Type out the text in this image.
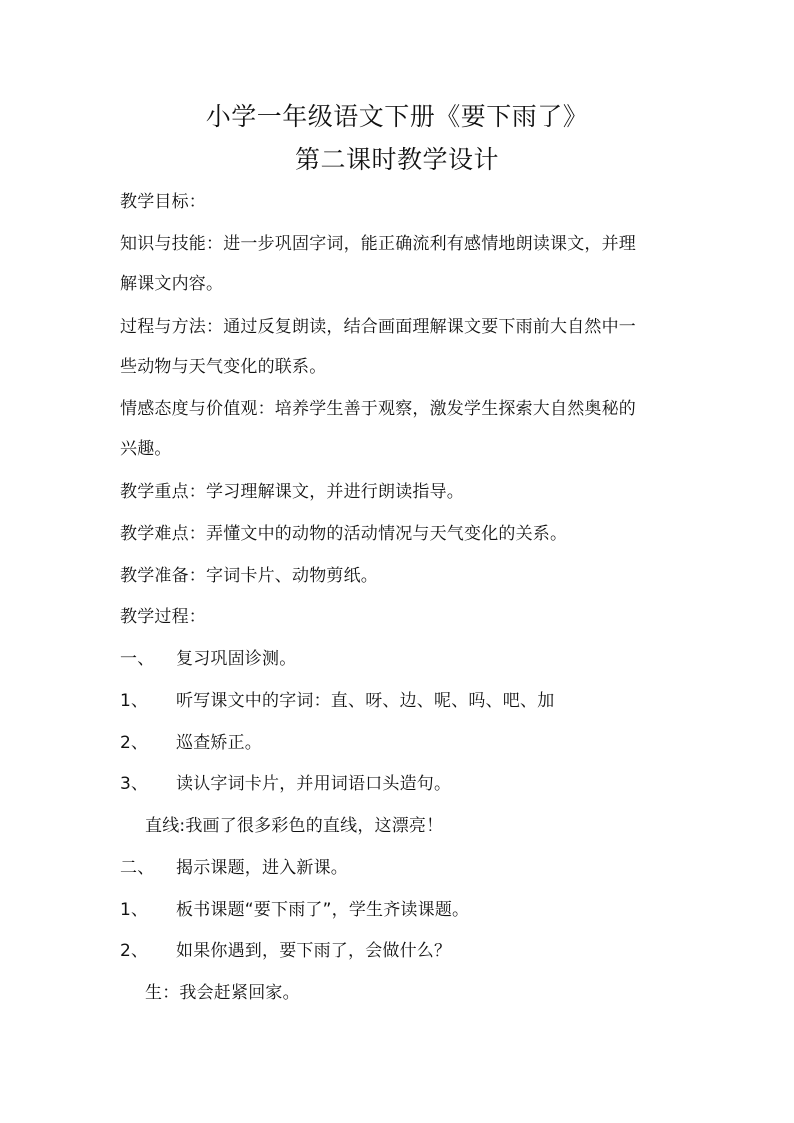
小学一年级语文下册《要下雨了》
第二课时教学设计
教学目标：
知识与技能：进一步巩固字词，能正确流利有感情地朗读课文，并理
解课文内容。
过程与方法：通过反复朗读，结合画面理解课文要下雨前大自然中一
些动物与天气变化的联系。
情感态度与价值观：培养学生善于观察，激发学生探索大自然奥秘的
兴趣。
教学重点：学习理解课文，并进行朗读指导。
教学难点：弄懂文中的动物的活动情况与天气变化的关系。
教学准备：字词卡片、动物剪纸。
教学过程：
一、 复习巩固诊测。
1、 听写课文中的字词：直、呀、边、呢、吗、吧、加
2、 巡查矫正。
3、 读认字词卡片，并用词语口头造句。
直线:我画了很多彩色的直线，这漂亮！
二、 揭示课题，进入新课。
1、 板书课题“要下雨了”，学生齐读课题。
2、 如果你遇到，要下雨了，会做什么？
生：我会赶紧回家。
